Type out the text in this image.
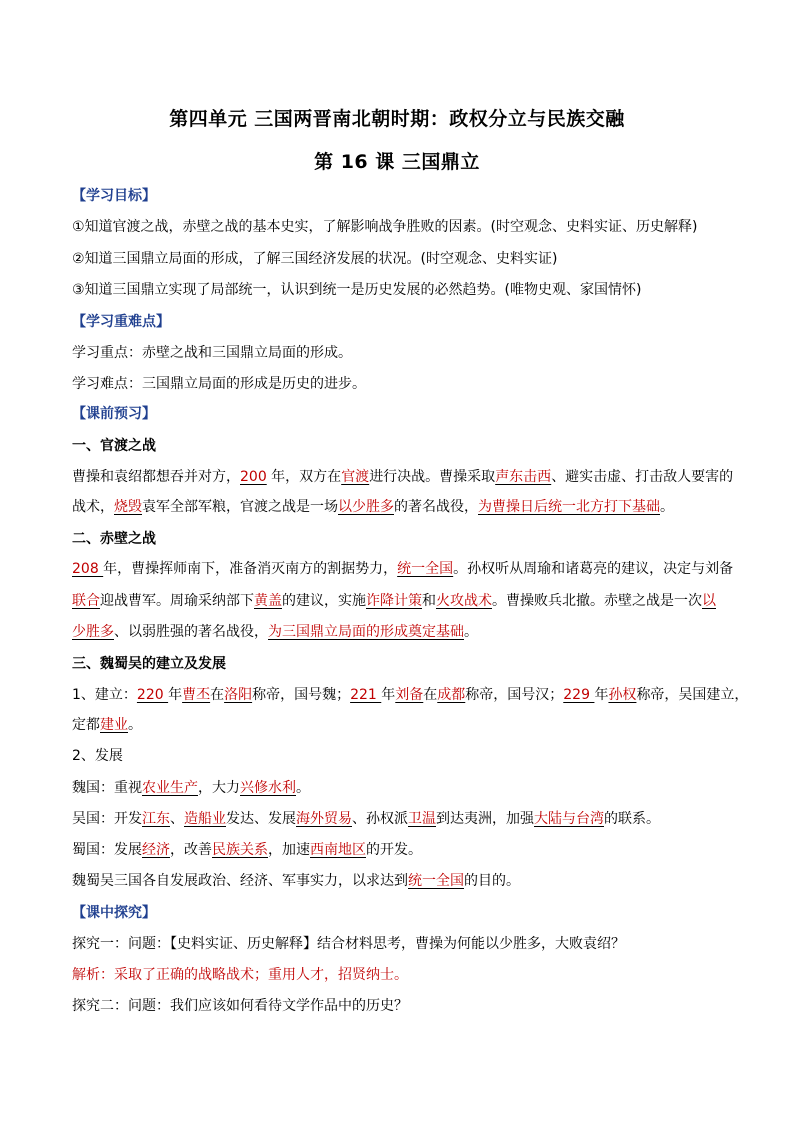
第四单元 三国两晋南北朝时期：政权分立与民族交融
第 16 课 三国鼎立
【学习目标】
①知道官渡之战，赤壁之战的基本史实，了解影响战争胜败的因素。(时空观念、史料实证、历史解释)
②知道三国鼎立局面的形成，了解三国经济发展的状况。(时空观念、史料实证)
③知道三国鼎立实现了局部统一，认识到统一是历史发展的必然趋势。(唯物史观、家国情怀)
【学习重难点】
学习重点：赤壁之战和三国鼎立局面的形成。
学习难点：三国鼎立局面的形成是历史的进步。
【课前预习】
一、官渡之战
曹操和袁绍都想吞并对方，200 年，双方在官渡进行决战。曹操采取声东击西、避实击虚、打击敌人要害的
战术，烧毁袁军全部军粮，官渡之战是一场以少胜多的著名战役，为曹操日后统一北方打下基础。
二、赤壁之战
208 年，曹操挥师南下，准备消灭南方的割据势力，统一全国。孙权听从周瑜和诸葛亮的建议，决定与刘备
联合迎战曹军。周瑜采纳部下黄盖的建议，实施诈降计策和火攻战术。曹操败兵北撤。赤壁之战是一次以
少胜多、以弱胜强的著名战役，为三国鼎立局面的形成奠定基础。
三、魏蜀吴的建立及发展
1、建立：220 年曹丕在洛阳称帝，国号魏；221 年刘备在成都称帝，国号汉；229 年孙权称帝，吴国建立，
定都建业。
2、发展
魏国：重视农业生产，大力兴修水利。
吴国：开发江东、造船业发达、发展海外贸易、孙权派卫温到达夷洲，加强大陆与台湾的联系。
蜀国：发展经济，改善民族关系，加速西南地区的开发。
魏蜀吴三国各自发展政治、经济、军事实力，以求达到统一全国的目的。
【课中探究】
探究一：问题：【史料实证、历史解释】结合材料思考，曹操为何能以少胜多，大败袁绍？
解析：采取了正确的战略战术；重用人才，招贤纳士。
探究二：问题：我们应该如何看待文学作品中的历史？
